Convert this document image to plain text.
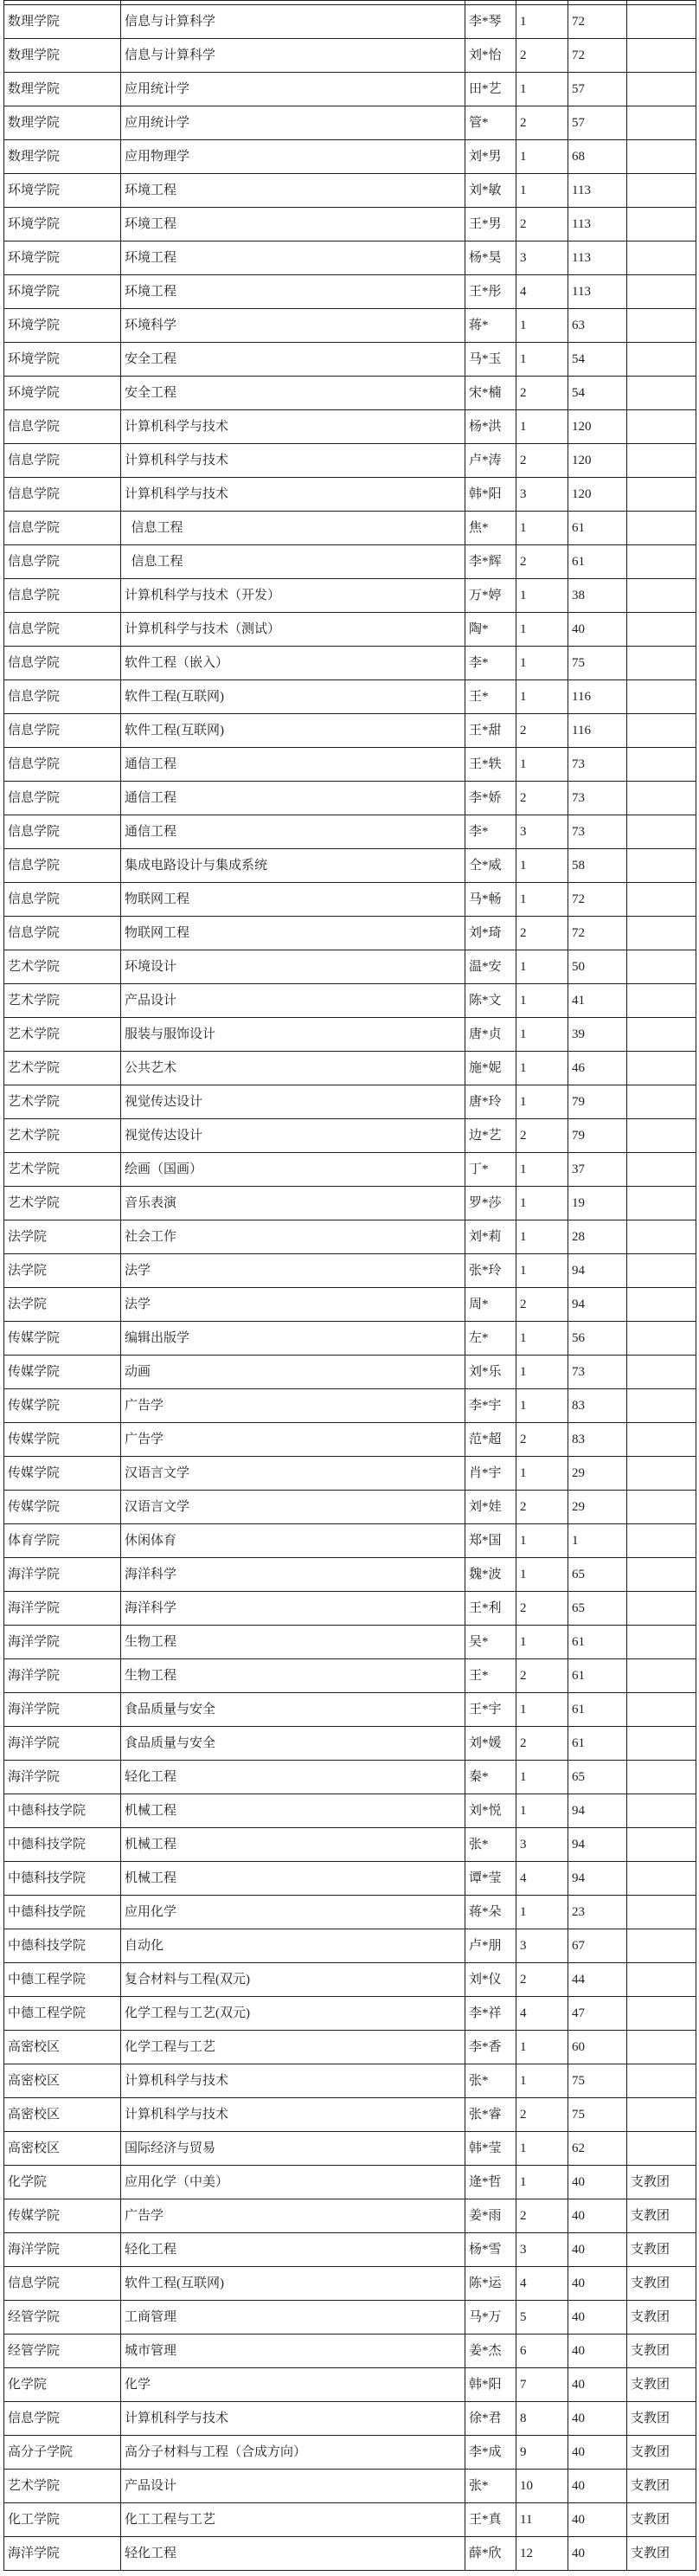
数理学院	信息与计算科学	李*琴	1	72	
数理学院	信息与计算科学	刘*怡	2	72	
数理学院	应用统计学	田*艺	1	57	
数理学院	应用统计学	管*	2	57	
数理学院	应用物理学	刘*男	1	68	
环境学院	环境工程	刘*敏	1	113	
环境学院	环境工程	王*男	2	113	
环境学院	环境工程	杨*昊	3	113	
环境学院	环境工程	王*彤	4	113	
环境学院	环境科学	蒋*	1	63	
环境学院	安全工程	马*玉	1	54	
环境学院	安全工程	宋*楠	2	54	
信息学院	计算机科学与技术	杨*洪	1	120	
信息学院	计算机科学与技术	卢*涛	2	120	
信息学院	计算机科学与技术	韩*阳	3	120	
信息学院	信息工程	焦*	1	61	
信息学院	信息工程	李*辉	2	61	
信息学院	计算机科学与技术（开发）	万*婷	1	38	
信息学院	计算机科学与技术（测试）	陶*	1	40	
信息学院	软件工程（嵌入）	李*	1	75	
信息学院	软件工程(互联网)	王*	1	116	
信息学院	软件工程(互联网)	王*甜	2	116	
信息学院	通信工程	王*轶	1	73	
信息学院	通信工程	李*娇	2	73	
信息学院	通信工程	李*	3	73	
信息学院	集成电路设计与集成系统	仝*威	1	58	
信息学院	物联网工程	马*畅	1	72	
信息学院	物联网工程	刘*琦	2	72	
艺术学院	环境设计	温*安	1	50	
艺术学院	产品设计	陈*文	1	41	
艺术学院	服装与服饰设计	唐*贞	1	39	
艺术学院	公共艺术	施*妮	1	46	
艺术学院	视觉传达设计	唐*玲	1	79	
艺术学院	视觉传达设计	边*艺	2	79	
艺术学院	绘画（国画）	丁*	1	37	
艺术学院	音乐表演	罗*莎	1	19	
法学院	社会工作	刘*莉	1	28	
法学院	法学	张*玲	1	94	
法学院	法学	周*	2	94	
传媒学院	编辑出版学	左*	1	56	
传媒学院	动画	刘*乐	1	73	
传媒学院	广告学	李*宇	1	83	
传媒学院	广告学	范*超	2	83	
传媒学院	汉语言文学	肖*宇	1	29	
传媒学院	汉语言文学	刘*娃	2	29	
体育学院	休闲体育	郑*国	1	1	
海洋学院	海洋科学	魏*波	1	65	
海洋学院	海洋科学	王*利	2	65	
海洋学院	生物工程	吴*	1	61	
海洋学院	生物工程	王*	2	61	
海洋学院	食品质量与安全	王*宇	1	61	
海洋学院	食品质量与安全	刘*媛	2	61	
海洋学院	轻化工程	秦*	1	65	
中德科技学院	机械工程	刘*悦	1	94	
中德科技学院	机械工程	张*	3	94	
中德科技学院	机械工程	谭*莹	4	94	
中德科技学院	应用化学	蒋*朵	1	23	
中德科技学院	自动化	卢*朋	3	67	
中德工程学院	复合材料与工程(双元)	刘*仪	2	44	
中德工程学院	化学工程与工艺(双元)	李*祥	4	47	
高密校区	化学工程与工艺	李*香	1	60	
高密校区	计算机科学与技术	张*	1	75	
高密校区	计算机科学与技术	张*睿	2	75	
高密校区	国际经济与贸易	韩*莹	1	62	
化学院	应用化学（中美）	逄*哲	1	40	支教团
传媒学院	广告学	姜*雨	2	40	支教团
海洋学院	轻化工程	杨*雪	3	40	支教团
信息学院	软件工程(互联网)	陈*运	4	40	支教团
经管学院	工商管理	马*万	5	40	支教团
经管学院	城市管理	姜*杰	6	40	支教团
化学院	化学	韩*阳	7	40	支教团
信息学院	计算机科学与技术	徐*君	8	40	支教团
高分子学院	高分子材料与工程（合成方向）	李*成	9	40	支教团
艺术学院	产品设计	张*	10	40	支教团
化工学院	化工工程与工艺	王*真	11	40	支教团
海洋学院	轻化工程	薛*欣	12	40	支教团
